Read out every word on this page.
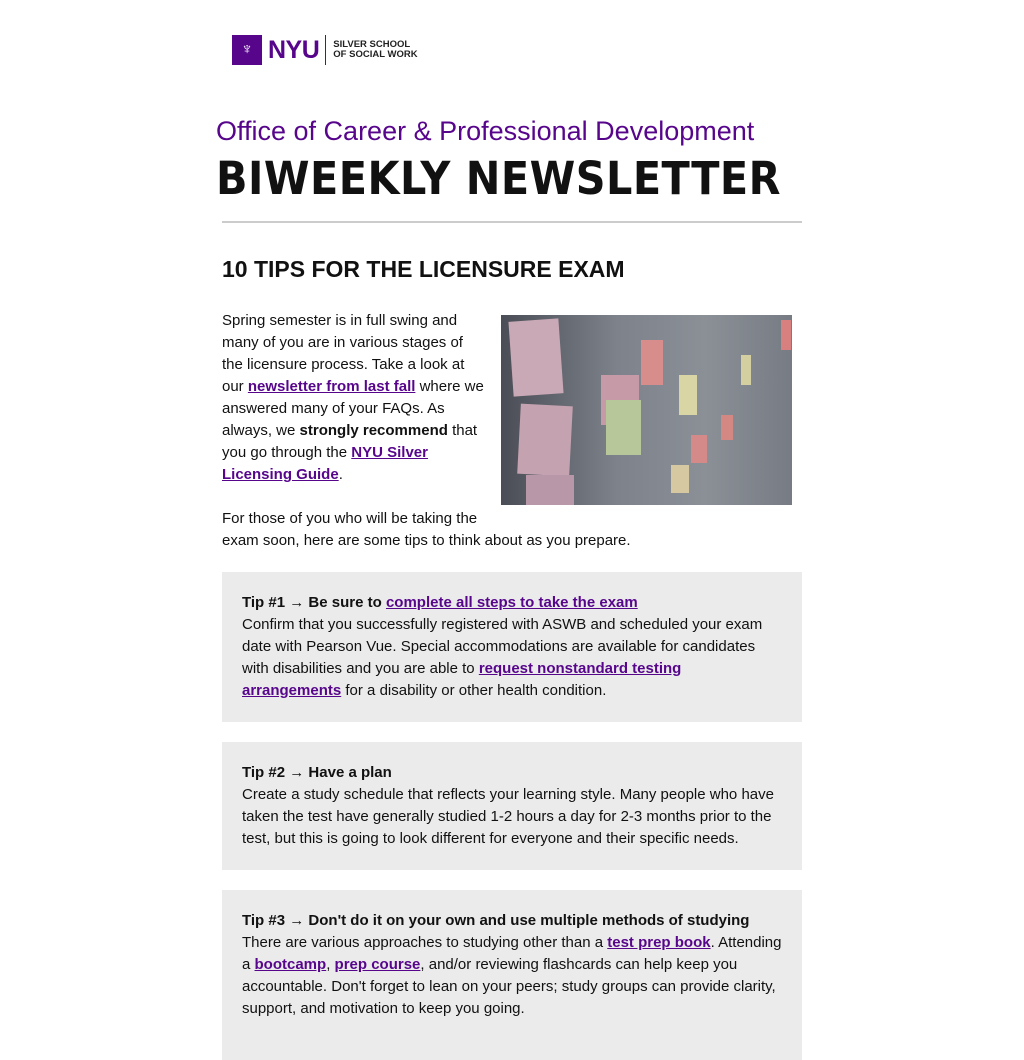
♆ NYU SILVER SCHOOL
OF SOCIAL WORK
Office of Career & Professional Development
BIWEEKLY NEWSLETTER
10 TIPS FOR THE LICENSURE EXAM

Spring semester is in full swing and many of you are in various stages of the licensure process. Take a look at our newsletter from last fall where we answered many of your FAQs. As always, we strongly recommend that you go through the NYU Silver Licensing Guide.

For those of you who will be taking the exam soon, here are some tips to think about as you prepare.

Tip #1 → Be sure to complete all steps to take the exam
Confirm that you successfully registered with ASWB and scheduled your exam date with Pearson Vue. Special accommodations are available for candidates with disabilities and you are able to request nonstandard testing arrangements for a disability or other health condition.
Tip #2 → Have a plan
Create a study schedule that reflects your learning style. Many people who have taken the test have generally studied 1-2 hours a day for 2-3 months prior to the test, but this is going to look different for everyone and their specific needs.
Tip #3 → Don't do it on your own and use multiple methods of studying
There are various approaches to studying other than a test prep book. Attending a bootcamp, prep course, and/or reviewing flashcards can help keep you accountable. Don't forget to lean on your peers; study groups can provide clarity, support, and motivation to keep you going.
